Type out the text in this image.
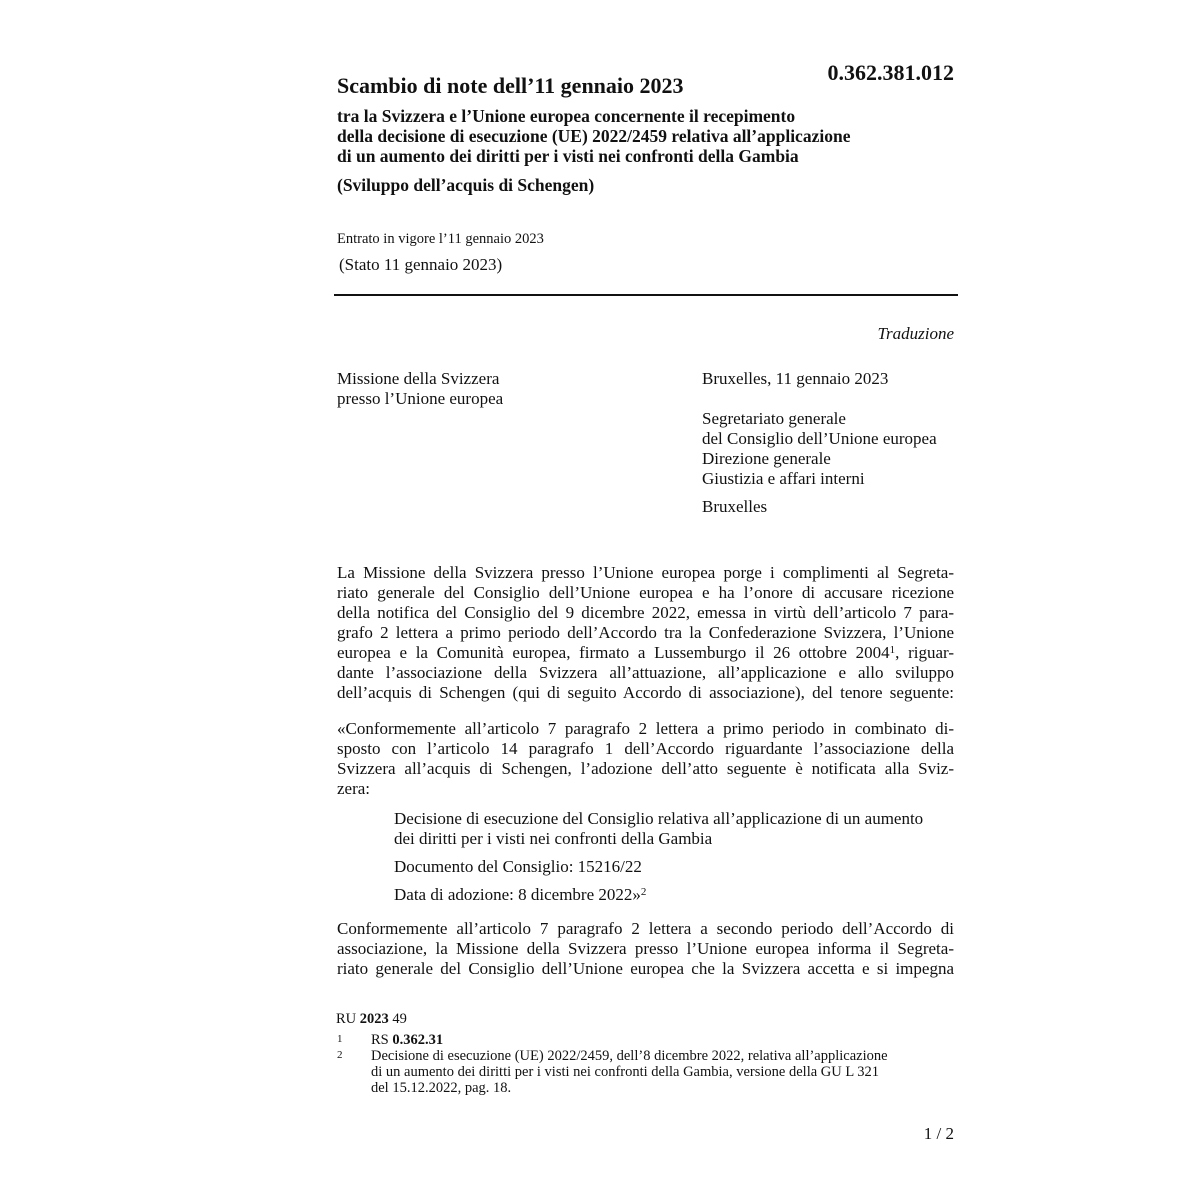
0.362.381.012
Scambio di note dell’11 gennaio 2023
tra la Svizzera e l’Unione europea concernente il recepimento
della decisione di esecuzione (UE) 2022/2459 relativa all’applicazione
di un aumento dei diritti per i visti nei confronti della Gambia
(Sviluppo dell’acquis di Schengen)
Entrato in vigore l’11 gennaio 2023
(Stato 11 gennaio 2023)
Traduzione
Missione della Svizzera
presso l’Unione europea
Bruxelles, 11 gennaio 2023
Segretariato generale
del Consiglio dell’Unione europea
Direzione generale
Giustizia e affari interni
Bruxelles
La Missione della Svizzera presso l’Unione europea porge i complimenti al Segreta-
riato generale del Consiglio dell’Unione europea e ha l’onore di accusare ricezione
della notifica del Consiglio del 9 dicembre 2022, emessa in virtù dell’articolo 7 para-
grafo 2 lettera a primo periodo dell’Accordo tra la Confederazione Svizzera, l’Unione
europea e la Comunità europea, firmato a Lussemburgo il 26 ottobre 2004$^1$, riguar-
dante l’associazione della Svizzera all’attuazione, all’applicazione e allo sviluppo
dell’acquis di Schengen (qui di seguito Accordo di associazione), del tenore seguente:
«Conformemente all’articolo 7 paragrafo 2 lettera a primo periodo in combinato di-
sposto con l’articolo 14 paragrafo 1 dell’Accordo riguardante l’associazione della
Svizzera all’acquis di Schengen, l’adozione dell’atto seguente è notificata alla Sviz-
zera:
Decisione di esecuzione del Consiglio relativa all’applicazione di un aumento
dei diritti per i visti nei confronti della Gambia
Documento del Consiglio: 15216/22
Data di adozione: 8 dicembre 2022»$^2$
Conformemente all’articolo 7 paragrafo 2 lettera a secondo periodo dell’Accordo di
associazione, la Missione della Svizzera presso l’Unione europea informa il Segreta-
riato generale del Consiglio dell’Unione europea che la Svizzera accetta e si impegna
RU 2023 49
1 RS 0.362.31
2 Decisione di esecuzione (UE) 2022/2459, dell’8 dicembre 2022, relativa all’applicazione
di un aumento dei diritti per i visti nei confronti della Gambia, versione della GU L 321
del 15.12.2022, pag. 18.
1 / 2
